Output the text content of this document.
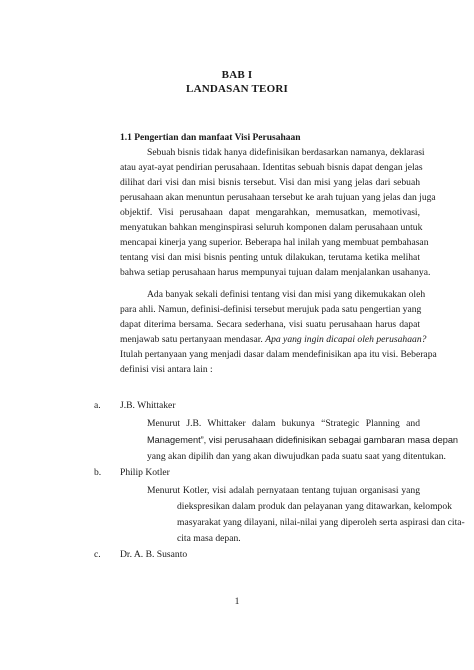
BAB I
LANDASAN TEORI
1.1 Pengertian dan manfaat Visi Perusahaan
Sebuah bisnis tidak hanya didefinisikan berdasarkan namanya, deklarasi
atau ayat-ayat pendirian perusahaan. Identitas sebuah bisnis dapat dengan jelas
dilihat dari visi dan misi bisnis tersebut. Visi dan misi yang jelas dari sebuah
perusahaan akan menuntun perusahaan tersebut ke arah tujuan yang jelas dan juga
objektif. Visi perusahaan dapat mengarahkan, memusatkan, memotivasi,
menyatukan bahkan menginspirasi seluruh komponen dalam perusahaan untuk
mencapai kinerja yang superior. Beberapa hal inilah yang membuat pembahasan
tentang visi dan misi bisnis penting untuk dilakukan, terutama ketika melihat
bahwa setiap perusahaan harus mempunyai tujuan dalam menjalankan usahanya.
Ada banyak sekali definisi tentang visi dan misi yang dikemukakan oleh
para ahli. Namun, definisi-definisi tersebut merujuk pada satu pengertian yang
dapat diterima bersama. Secara sederhana, visi suatu perusahaan harus dapat
menjawab satu pertanyaan mendasar. Apa yang ingin dicapai oleh perusahaan?
Itulah pertanyaan yang menjadi dasar dalam mendefinisikan apa itu visi. Beberapa
definisi visi antara lain :
a. J.B. Whittaker
Menurut J.B. Whittaker dalam bukunya “Strategic Planning and
Management”, visi perusahaan didefinisikan sebagai gambaran masa depan
yang akan dipilih dan yang akan diwujudkan pada suatu saat yang ditentukan.
b. Philip Kotler
Menurut Kotler, visi adalah pernyataan tentang tujuan organisasi yang
diekspresikan dalam produk dan pelayanan yang ditawarkan, kelompok
masyarakat yang dilayani, nilai-nilai yang diperoleh serta aspirasi dan cita-
cita masa depan.
c. Dr. A. B. Susanto
1
